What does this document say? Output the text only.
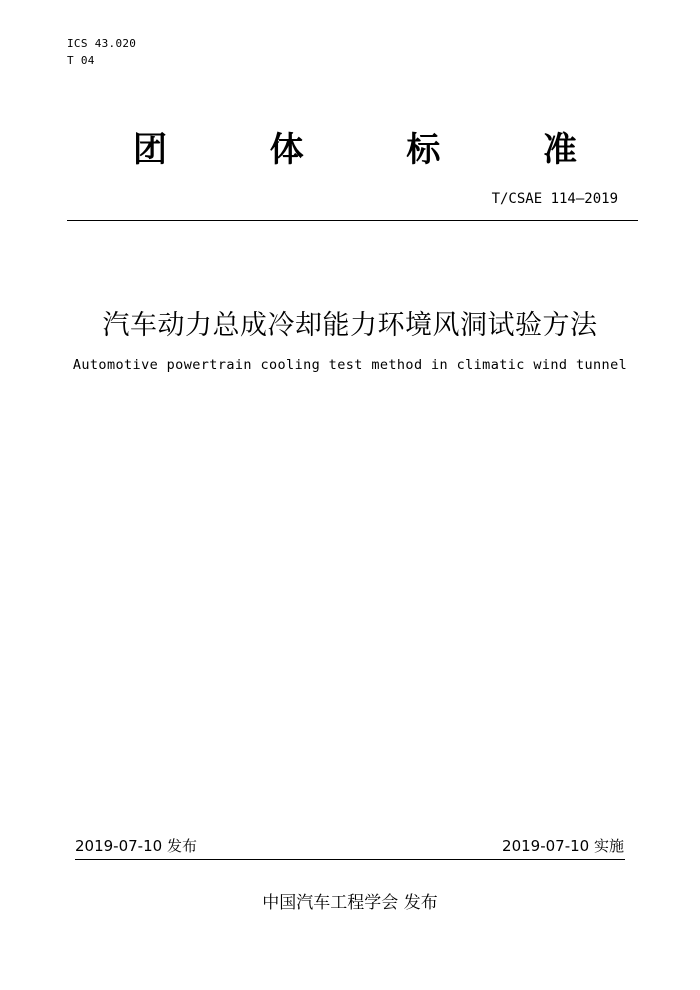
ICS 43.020
T 04
团	体	标	准
T/CSAE 114—2019
汽车动力总成冷却能力环境风洞试验方法
Automotive powertrain cooling test method in climatic wind tunnel
2019-07-10 发布	2019-07-10 实施
中国汽车工程学会 发布
